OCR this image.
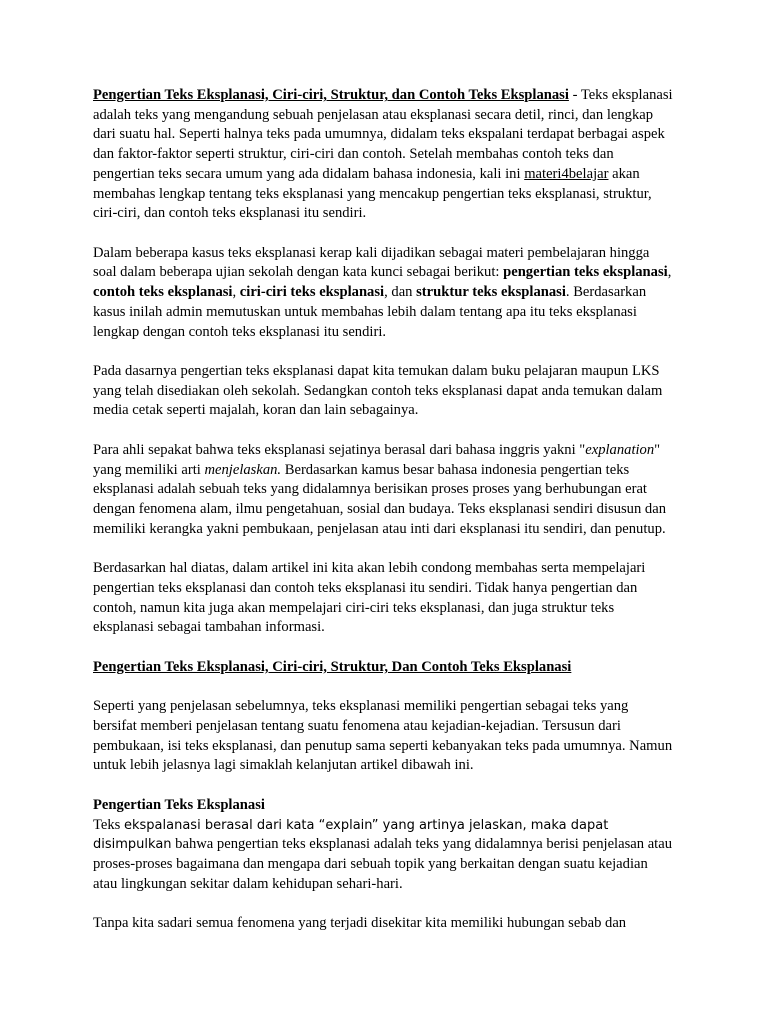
Pengertian Teks Eksplanasi, Ciri-ciri, Struktur, dan Contoh Teks Eksplanasi - Teks eksplanasi adalah teks yang mengandung sebuah penjelasan atau eksplanasi secara detil, rinci, dan lengkap dari suatu hal. Seperti halnya teks pada umumnya, didalam teks ekspalani terdapat berbagai aspek dan faktor-faktor seperti struktur, ciri-ciri dan contoh. Setelah membahas contoh teks dan pengertian teks secara umum yang ada didalam bahasa indonesia, kali ini materi4belajar akan membahas lengkap tentang teks eksplanasi yang mencakup pengertian teks eksplanasi, struktur, ciri-ciri, dan contoh teks eksplanasi itu sendiri.

Dalam beberapa kasus teks eksplanasi kerap kali dijadikan sebagai materi pembelajaran hingga soal dalam beberapa ujian sekolah dengan kata kunci sebagai berikut: pengertian teks eksplanasi, contoh teks eksplanasi, ciri-ciri teks eksplanasi, dan struktur teks eksplanasi. Berdasarkan kasus inilah admin memutuskan untuk membahas lebih dalam tentang apa itu teks eksplanasi lengkap dengan contoh teks eksplanasi itu sendiri.

Pada dasarnya pengertian teks eksplanasi dapat kita temukan dalam buku pelajaran maupun LKS yang telah disediakan oleh sekolah. Sedangkan contoh teks eksplanasi dapat anda temukan dalam media cetak seperti majalah, koran dan lain sebagainya.

Para ahli sepakat bahwa teks eksplanasi sejatinya berasal dari bahasa inggris yakni "explanation" yang memiliki arti menjelaskan. Berdasarkan kamus besar bahasa indonesia pengertian teks eksplanasi adalah sebuah teks yang didalamnya berisikan proses proses yang berhubungan erat dengan fenomena alam, ilmu pengetahuan, sosial dan budaya. Teks eksplanasi sendiri disusun dan memiliki kerangka yakni pembukaan, penjelasan atau inti dari eksplanasi itu sendiri, dan penutup.

Berdasarkan hal diatas, dalam artikel ini kita akan lebih condong membahas serta mempelajari pengertian teks eksplanasi dan contoh teks eksplanasi itu sendiri. Tidak hanya pengertian dan contoh, namun kita juga akan mempelajari ciri-ciri teks eksplanasi, dan juga struktur teks eksplanasi sebagai tambahan informasi.

Pengertian Teks Eksplanasi, Ciri-ciri, Struktur, Dan Contoh Teks Eksplanasi

Seperti yang penjelasan sebelumnya, teks eksplanasi memiliki pengertian sebagai teks yang bersifat memberi penjelasan tentang suatu fenomena atau kejadian-kejadian. Tersusun dari pembukaan, isi teks eksplanasi, dan penutup sama seperti kebanyakan teks pada umumnya. Namun untuk lebih jelasnya lagi simaklah kelanjutan artikel dibawah ini.

Pengertian Teks Eksplanasi

Teks ekspalanasi berasal dari kata “explain” yang artinya jelaskan, maka dapat disimpulkan bahwa pengertian teks eksplanasi adalah teks yang didalamnya berisi penjelasan atau proses-proses bagaimana dan mengapa dari sebuah topik yang berkaitan dengan suatu kejadian atau lingkungan sekitar dalam kehidupan sehari-hari.

Tanpa kita sadari semua fenomena yang terjadi disekitar kita memiliki hubungan sebab dan
